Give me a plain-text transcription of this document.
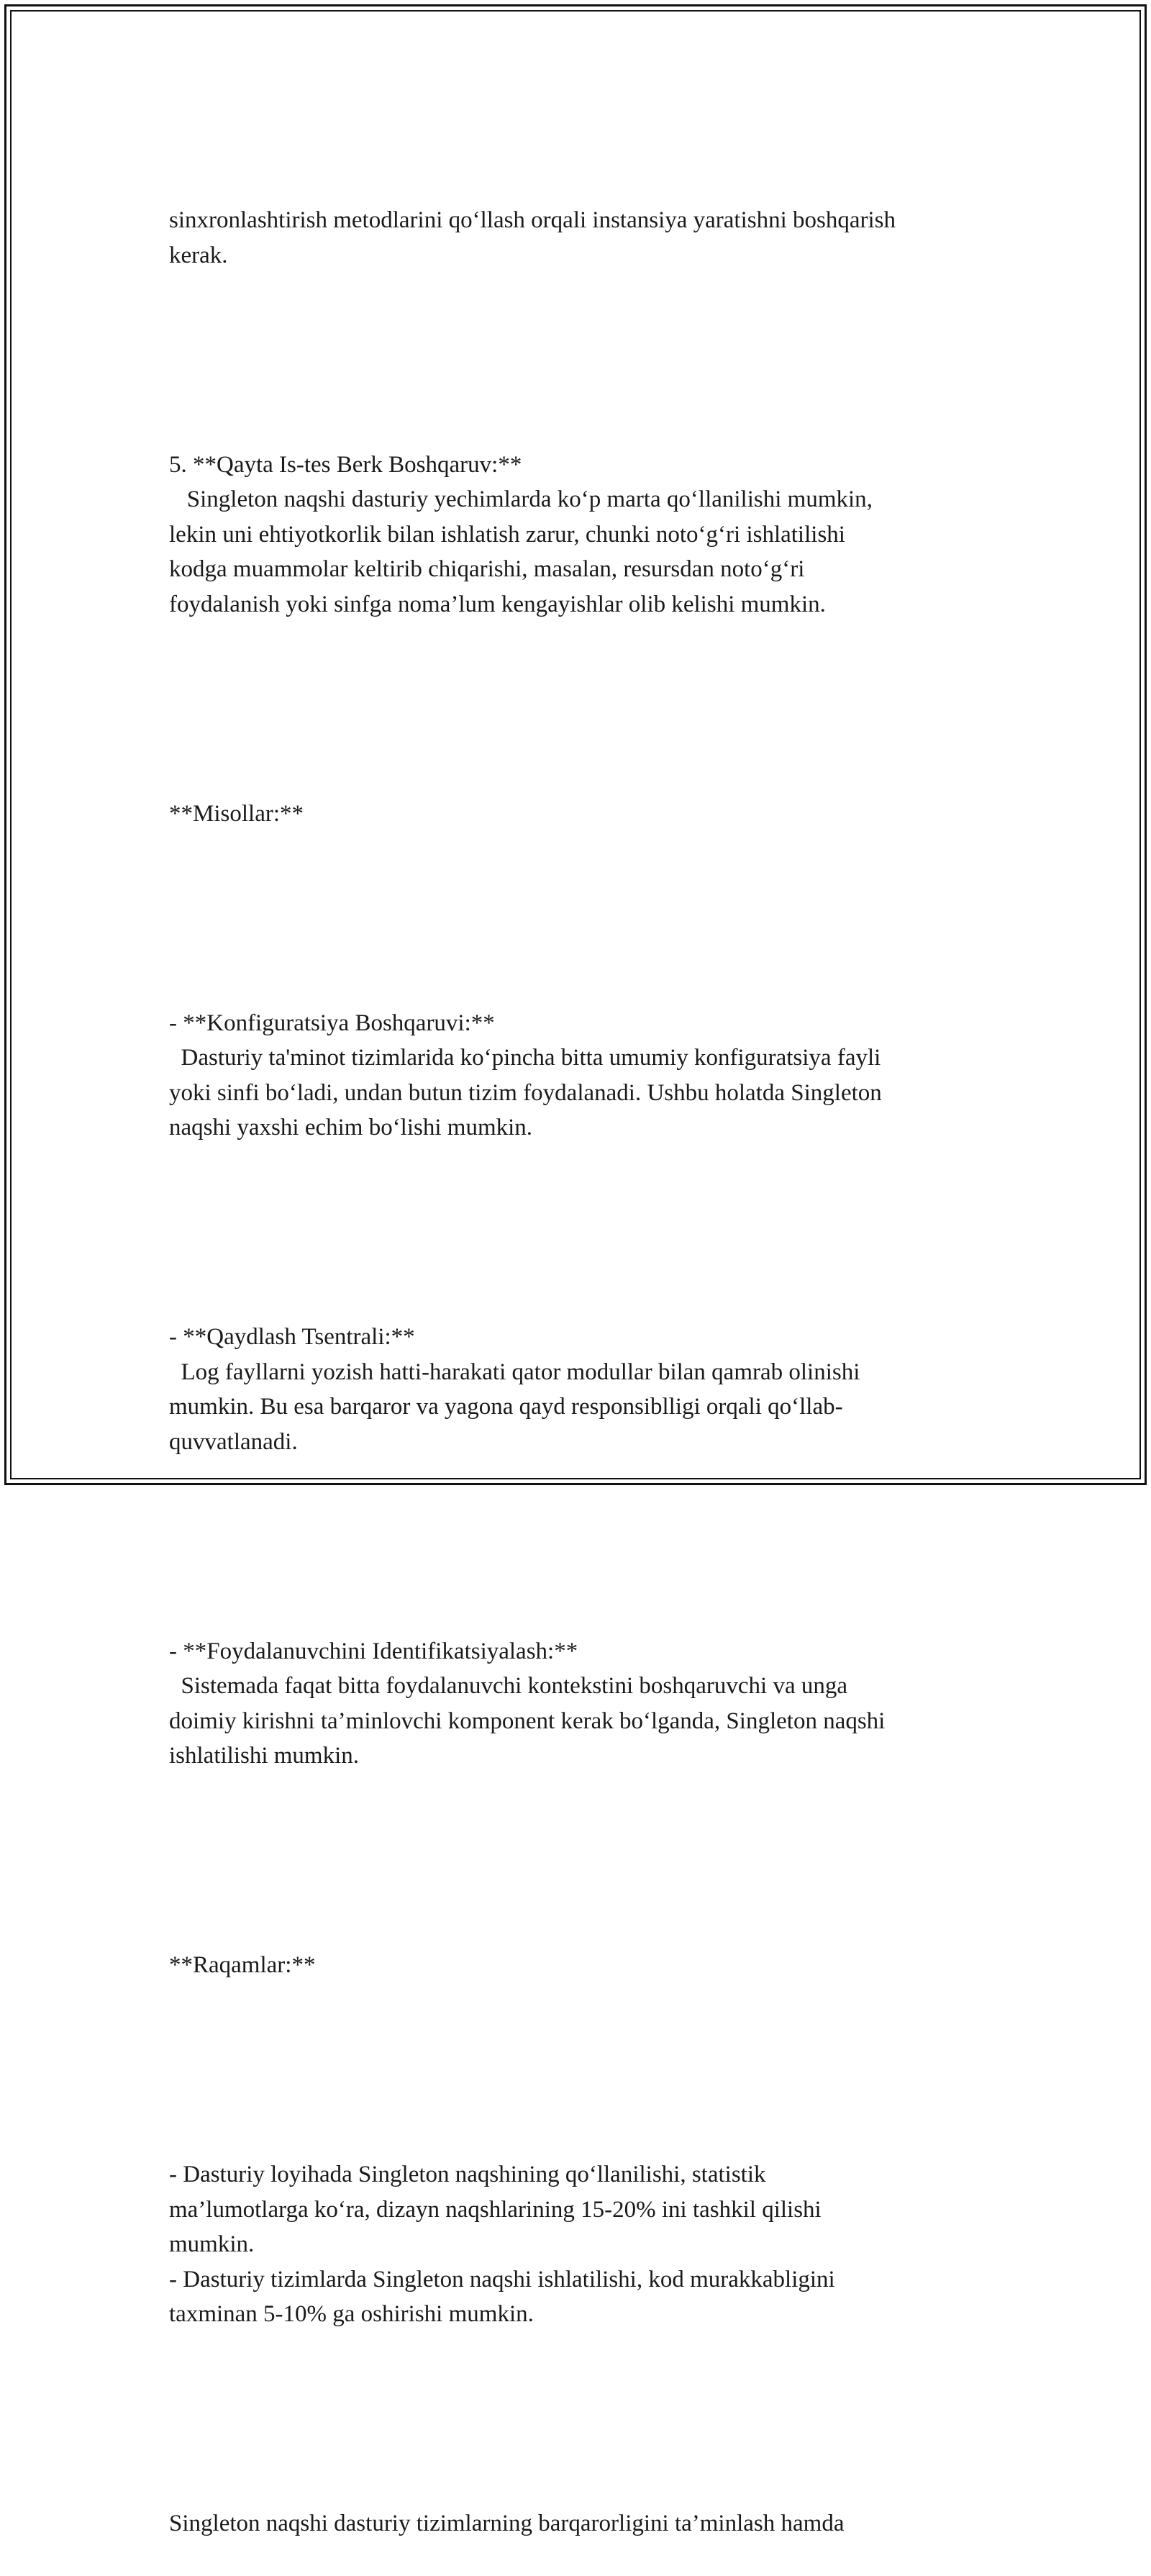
sinxronlashtirish metodlarini qo‘llash orqali instansiya yaratishni boshqarish
kerak.

5. **Qayta Is-tes Berk Boshqaruv:**
Singleton naqshi dasturiy yechimlarda ko‘p marta qo‘llanilishi mumkin,
lekin uni ehtiyotkorlik bilan ishlatish zarur, chunki noto‘g‘ri ishlatilishi
kodga muammolar keltirib chiqarishi, masalan, resursdan noto‘g‘ri
foydalanish yoki sinfga noma’lum kengayishlar olib kelishi mumkin.

**Misollar:**

- **Konfiguratsiya Boshqaruvi:**
Dasturiy ta'minot tizimlarida ko‘pincha bitta umumiy konfiguratsiya fayli
yoki sinfi bo‘ladi, undan butun tizim foydalanadi. Ushbu holatda Singleton
naqshi yaxshi echim bo‘lishi mumkin.

- **Qaydlash Tsentrali:**
Log fayllarni yozish hatti-harakati qator modullar bilan qamrab olinishi
mumkin. Bu esa barqaror va yagona qayd responsiblligi orqali qo‘llab-
quvvatlanadi.

- **Foydalanuvchini Identifikatsiyalash:**
Sistemada faqat bitta foydalanuvchi kontekstini boshqaruvchi va unga
doimiy kirishni ta’minlovchi komponent kerak bo‘lganda, Singleton naqshi
ishlatilishi mumkin.

**Raqamlar:**

- Dasturiy loyihada Singleton naqshining qo‘llanilishi, statistik
ma’lumotlarga ko‘ra, dizayn naqshlarining 15-20% ini tashkil qilishi
mumkin.
- Dasturiy tizimlarda Singleton naqshi ishlatilishi, kod murakkabligini
taxminan 5-10% ga oshirishi mumkin.

Singleton naqshi dasturiy tizimlarning barqarorligini ta’minlash hamda
